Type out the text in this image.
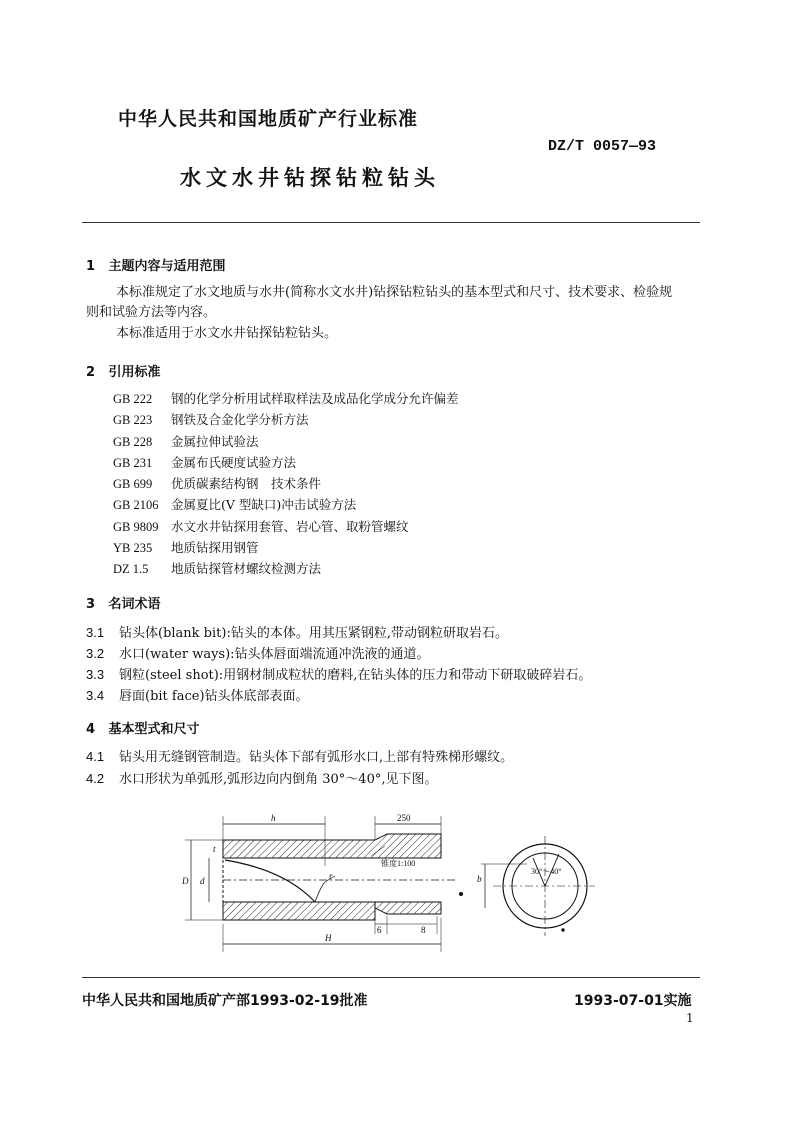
中华人民共和国地质矿产行业标准
DZ/T 0057—93
水文水井钻探钻粒钻头
1 主题内容与适用范围
本标准规定了水文地质与水井(简称水文水井)钻探钻粒钻头的基本型式和尺寸、技术要求、检验规
则和试验方法等内容。
本标准适用于水文水井钻探钻粒钻头。
2 引用标准
GB 222 钢的化学分析用试样取样法及成品化学成分允许偏差
GB 223 钢铁及合金化学分析方法
GB 228 金属拉伸试验法
GB 231 金属布氏硬度试验方法
GB 699 优质碳素结构钢　技术条件
GB 2106 金属夏比(V 型缺口)冲击试验方法
GB 9809 水文水井钻探用套管、岩心管、取粉管螺纹
YB 235 地质钻探用钢管
DZ 1.5 地质钻探管材螺纹检测方法
3 名词术语
3.1 钻头体(blank bit):钻头的本体。用其压紧钢粒,带动钢粒研取岩石。
3.2 水口(water ways):钻头体唇面端流通冲洗液的通道。
3.3 钢粒(steel shot):用钢材制成粒状的磨料,在钻头体的压力和带动下研取破碎岩石。
3.4 唇面(bit face)钻头体底部表面。
4 基本型式和尺寸
4.1 钻头用无缝钢管制造。钻头体下部有弧形水口,上部有特殊梯形螺纹。
4.2 水口形状为单弧形,弧形边向内倒角 30°～40°,见下图。
h	250
锥度1:100
D d
t
r
6	8
H
b
30°～40°
中华人民共和国地质矿产部1993-02-19批准	1993-07-01实施
1
